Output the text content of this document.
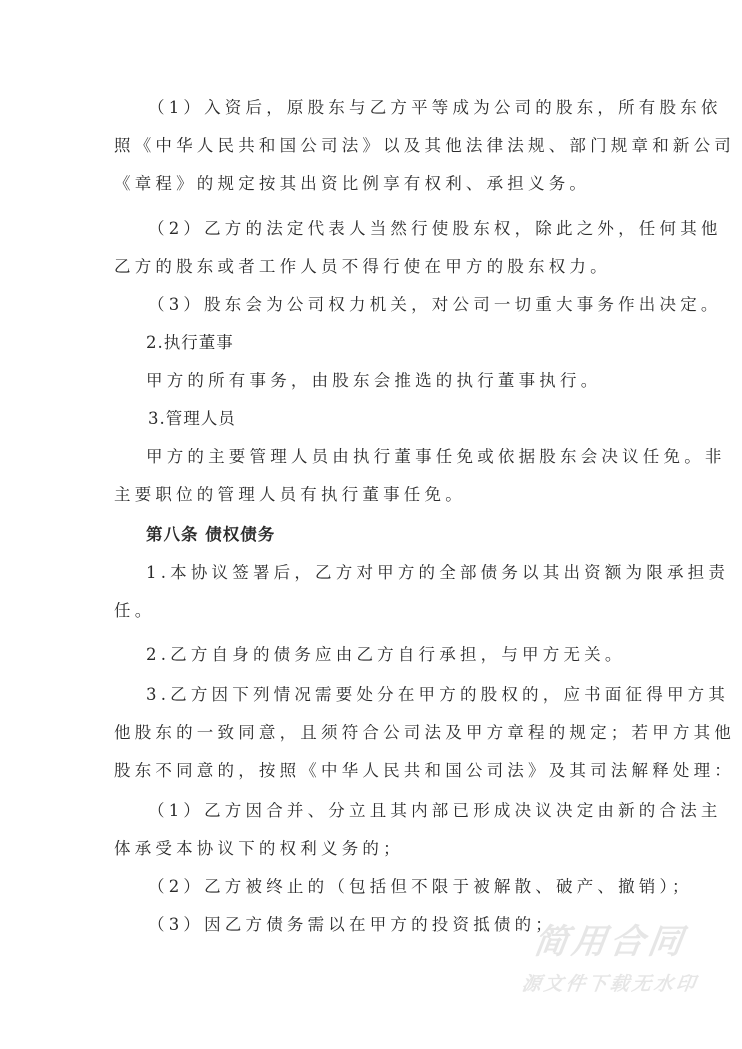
（1）入资后，原股东与乙方平等成为公司的股东，所有股东依
照《中华人民共和国公司法》以及其他法律法规、部门规章和新公司
《章程》的规定按其出资比例享有权利、承担义务。
（2）乙方的法定代表人当然行使股东权，除此之外，任何其他
乙方的股东或者工作人员不得行使在甲方的股东权力。
（3）股东会为公司权力机关，对公司一切重大事务作出决定。
2.执行董事
甲方的所有事务，由股东会推选的执行董事执行。
3.管理人员
甲方的主要管理人员由执行董事任免或依据股东会决议任免。非
主要职位的管理人员有执行董事任免。
第八条 债权债务
1.本协议签署后，乙方对甲方的全部债务以其出资额为限承担责
任。
2.乙方自身的债务应由乙方自行承担，与甲方无关。
3.乙方因下列情况需要处分在甲方的股权的，应书面征得甲方其
他股东的一致同意，且须符合公司法及甲方章程的规定；若甲方其他
股东不同意的，按照《中华人民共和国公司法》及其司法解释处理：
（1）乙方因合并、分立且其内部已形成决议决定由新的合法主
体承受本协议下的权利义务的；
（2）乙方被终止的（包括但不限于被解散、破产、撤销）；
（3）因乙方债务需以在甲方的投资抵债的；
简用合同
源文件下载无水印
